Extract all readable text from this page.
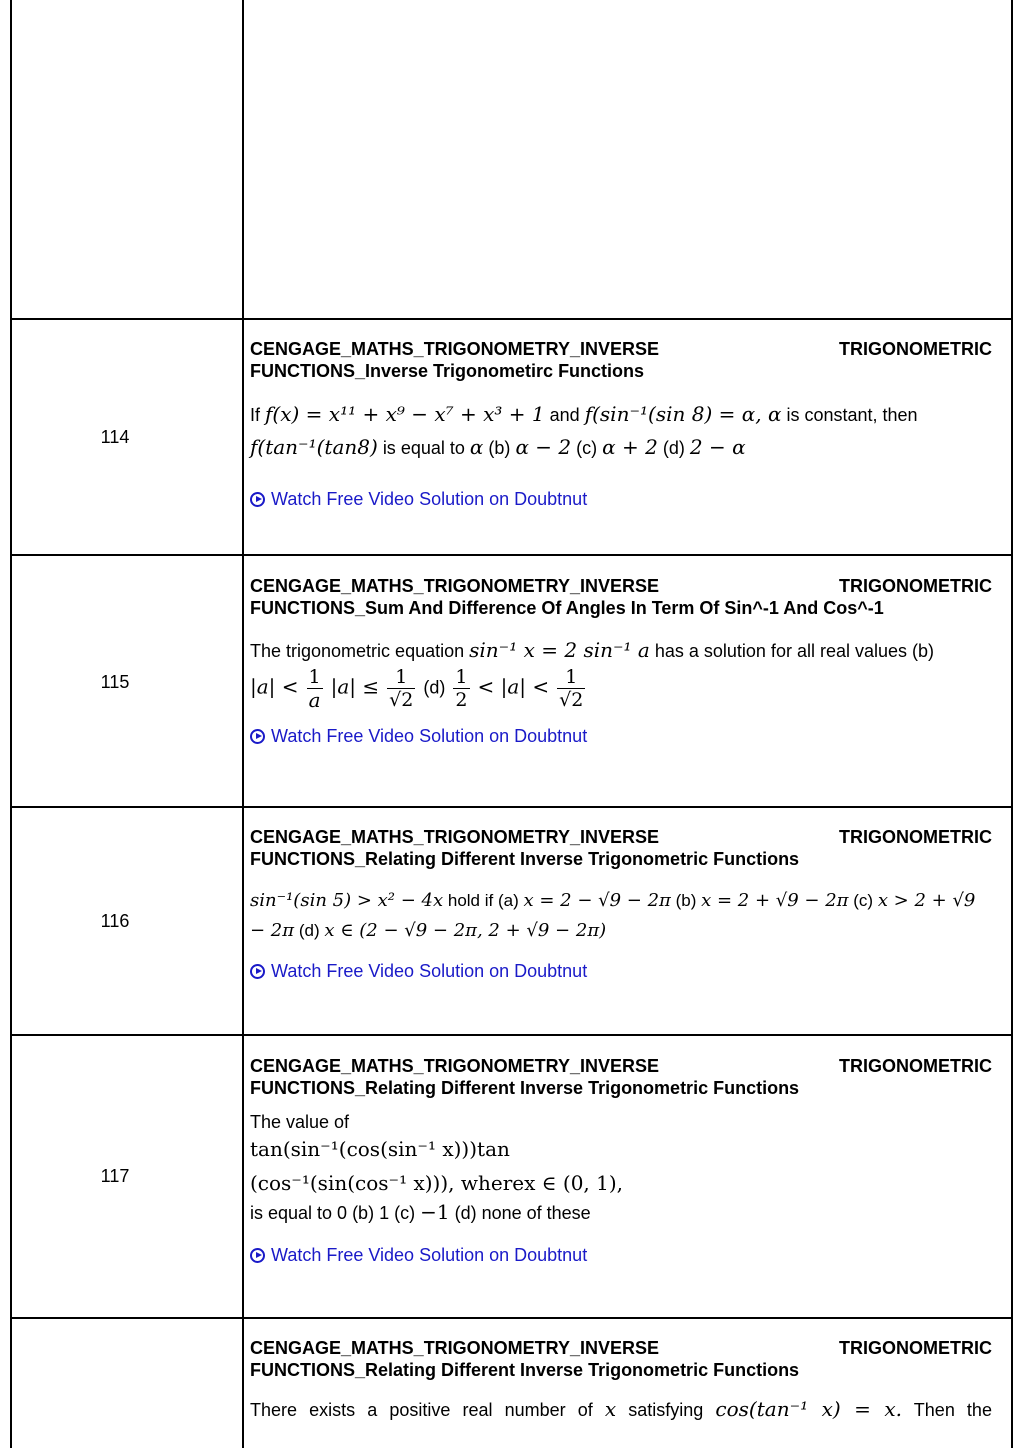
114
CENGAGE_MATHS_TRIGONOMETRY_INVERSE	TRIGONOMETRIC
FUNCTIONS_Inverse Trigonometirc Functions
If f(x) = x¹¹ + x⁹ − x⁷ + x³ + 1 and f(sin⁻¹(sin 8) = α, α is constant, then f(tan⁻¹(tan8) is equal to α (b) α − 2 (c) α + 2 (d) 2 − α
Watch Free Video Solution on Doubtnut
115
CENGAGE_MATHS_TRIGONOMETRY_INVERSE	TRIGONOMETRIC
FUNCTIONS_Sum And Difference Of Angles In Term Of Sin^-1 And Cos^-1
The trigonometric equation sin⁻¹ x = 2 sin⁻¹ a has a solution for all real values (b)
$|a| < \frac{1}{a} |a| \le \frac{1}{√2} (d) \frac{1}{2} < |a| < \frac{1}{√2}$
Watch Free Video Solution on Doubtnut
116
CENGAGE_MATHS_TRIGONOMETRY_INVERSE	TRIGONOMETRIC
FUNCTIONS_Relating Different Inverse Trigonometric Functions
sin⁻¹(sin 5) > x² − 4x hold if (a) x = 2 − √9 − 2π (b) x = 2 + √9 − 2π (c) x > 2 + √9 − 2π (d) x ∈ (2 − √9 − 2π, 2 + √9 − 2π)
Watch Free Video Solution on Doubtnut
117
CENGAGE_MATHS_TRIGONOMETRY_INVERSE	TRIGONOMETRIC
FUNCTIONS_Relating Different Inverse Trigonometric Functions
The value of
tan(sin⁻¹(cos(sin⁻¹ x)))tan
(cos⁻¹(sin(cos⁻¹ x))), wherex ∈ (0, 1),
is equal to 0 (b) 1 (c) −1 (d) none of these
Watch Free Video Solution on Doubtnut
CENGAGE_MATHS_TRIGONOMETRY_INVERSE	TRIGONOMETRIC
FUNCTIONS_Relating Different Inverse Trigonometric Functions
There exists a positive real number of x satisfying cos(tan⁻¹ x) = x. Then the
